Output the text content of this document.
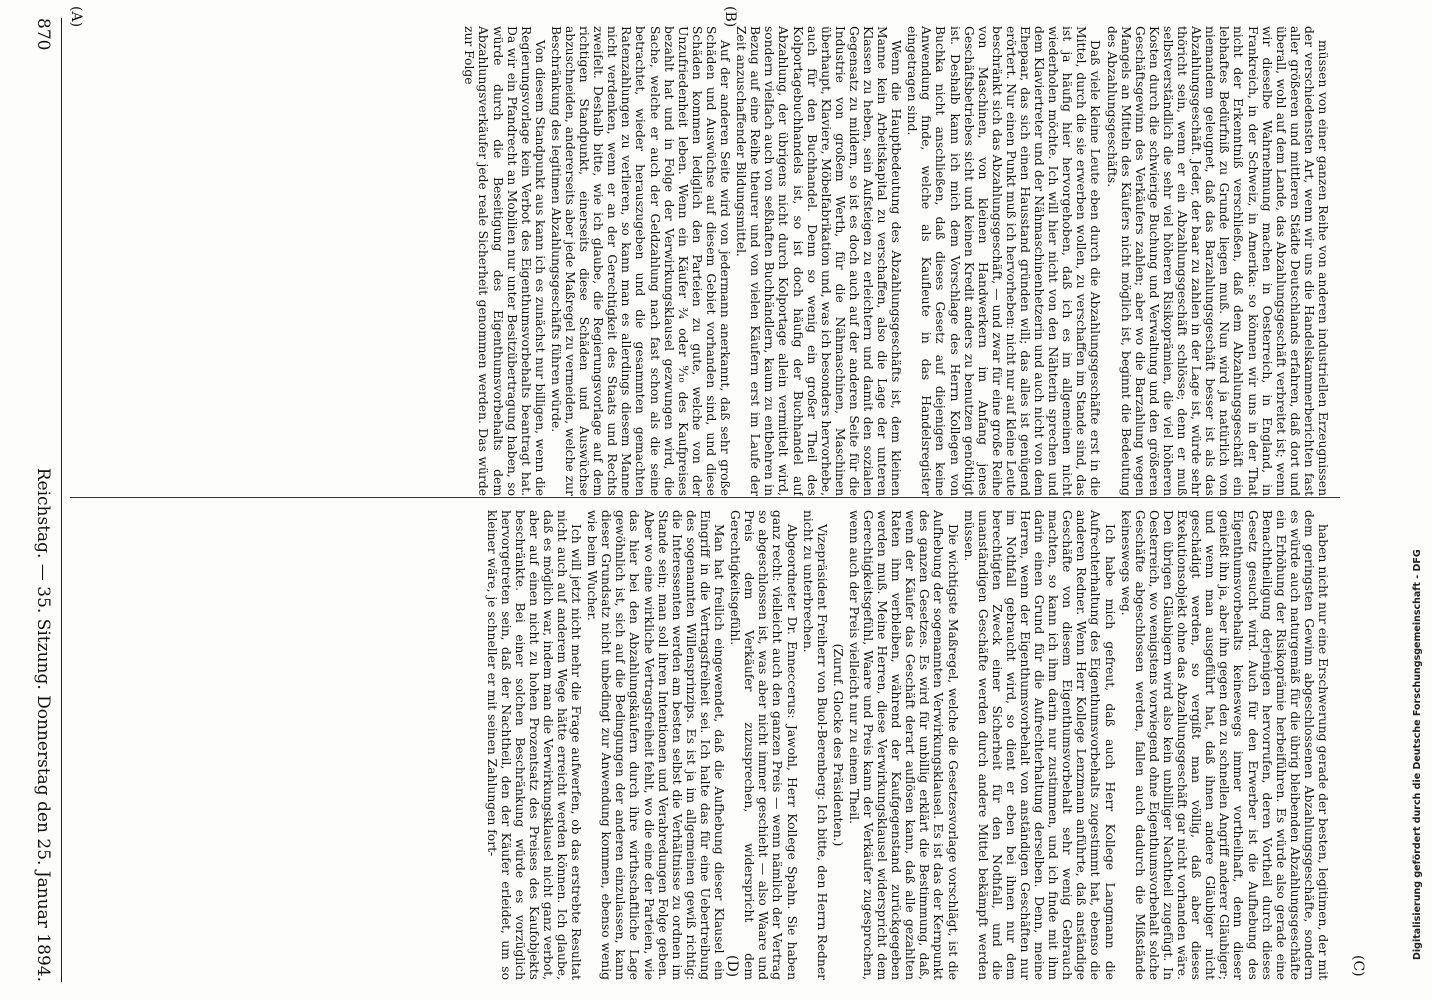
müssen von einer ganzen Reihe von anderen industriellen Erzeugnissen der verschiedensten Art, wenn wir uns die Handelskammerberichten fast aller größeren und mittleren Städte Deutschlands erfahren, daß dort und überall, wohl auf dem Lande, das Abzahlungsgeschäft verbreitet ist; wenn wir dieselbe Wahrnehmung machen in Oesterreich, in England, in Frankreich, in der Schweiz, in Amerika: so können wir uns in der That nicht der Erkenntniß verschließen, daß dem Abzahlungsgeschäft ein lebhaftes Bedürfniß zu Grunde liegen muß. Nun wird ja natürlich von niemandem geleugnet, daß das Barzahlungsgeschäft besser ist als das Abzahlungsgeschäft. Jeder, der baar zu zahlen in der Lage ist, würde sehr thöricht sein, wenn er ein Abzahlungsgeschäft schlösse; denn er muß selbstverständlich die sehr viel höheren Risikoprämien, die viel höheren Kosten durch die schwierige Buchung und Verwaltung und den größeren Geschäftsgewinn des Verkäufers zahlen; aber wo die Barzahlung wegen Mangels an Mitteln des Käufers nicht möglich ist, beginnt die Bedeutung des Abzahlungsgeschäfts.

Daß viele kleine Leute eben durch die Abzahlungsgeschäfte erst in die Mittel, durch die sie erwerben wollen, zu verschaffen im Stande sind, das ist ja häufig hier hervorgehoben, daß ich es im allgemeinen nicht wiederholen möchte. Ich will hier nicht von den Nähterin sprechen und dem Klaviertreter und der Nähmaschinenhetzerin und auch nicht von dem Ehepaar, das sich einen Hausstand gründen will; das alles ist genügend erörtert. Nur einen Punkt muß ich hervorheben: nicht nur auf kleine Leute beschränkt sich das Abzahlungsgeschäft, — und zwar für eine große Reihe von Maschinen, von kleinen Handwerkern im Anfang jenes Geschäftsbetriebes sicht und keinen Kredit anders zu benutzen genöthigt ist. Deshalb kann ich mich dem Vorschlage des Herrn Kollegen von Buchka nicht anschließen, daß dieses Gesetz auf diejenigen keine Anwendung finde, welche als Kaufleute in das Handelsregister eingetragen sind.

Wenn die Hauptbedeutung des Abzahlungsgeschäfts ist, dem kleinen Manne kein Arbeitskapital zu verschaffen, also die Lage der unteren Klassen zu heben, sein Aufsteigen zu erleichtern und damit den sozialen Gegensatz zu mildern, so ist es doch auch auf der anderen Seite für die Industrie von großem Werth, für die Nähmaschinen, Maschinen überhaupt, Klaviere, Möbelfabrikation und, was ich besonders hervorhebe, auch für den Buchhandel. Denn so wenig ein großer Theil des Kolportagebuchhandels ist, so ist doch häufig der Buchhandel auf Abzahlung, der übrigens nicht durch Kolportage allein vermittelt wird, sondern vielfach auch von seßhaften Buchhändlern, kaum zu entbehren in Bezug auf eine Reihe theurer und von vielen Käufern erst im Laufe der Zeit anzuschaffender Bildungsmittel.

Auf der anderen Seite wird von jedermann anerkannt, daß sehr große Schäden und Auswüchse auf diesem Gebiet vorhanden sind, und diese Schäden kommen lediglich den Parteien zu gute, welche von der Unzufriedenheit leben. Wenn ein Käufer ¾ oder ⁹⁄₁₀ des Kaufpreises bezahlt hat und in Folge der Verwirkungsklausel gezwungen wird, die Sache, welche er auch der Geldzahlung nach fast schon als die seine betrachtet, wieder herauszugeben und die gesammten gemachten Ratenzahlungen zu verlieren, so kann man es allerdings diesem Manne nicht verdenken, wenn er an der Gerechtigkeit des Staats und Rechts zweifelt. Deshalb bitte, wie ich glaube, die Regierungsvorlage auf dem richtigen Standpunkt, einerseits diese Schäden und Auswüchse abzuschneiden, andererseits aber jede Maßregel zu vermeiden, welche zur Beschränkung des legitimen Abzahlungsgeschäfts führen würde.

Von diesem Standpunkt aus kann ich es zunächst nur billigen, wenn die Regierungsvorlage kein Verbot des Eigenthumsvorbehalts beantragt hat. Da wir ein Pfandrecht an Mobilien nur unter Besitzübertragung haben, so würde durch die Beseitigung des Eigenthumsvorbehalts dem Abzahlungsverkäufer jede reale Sicherheit genommen werden. Das würde zur Folge

haben nicht nur eine Erschwerung gerade der besten, legitimen, der mit dem geringsten Gewinn abgeschlossenen Abzahlungsgeschäfte, sondern es würde auch naturgemäß für die übrig bleibenden Abzahlungsgeschäfte ein Erhöhung der Risikoprämie herbeiführen. Es würde also gerade eine Benachtheiligung derjenigen hervorrufen, deren Vortheil durch dieses Gesetz gesucht wird. Auch für den Erwerber ist die Aufhebung des Eigenthumsvorbehalts keineswegs immer vortheilhaft, denn dieser genießt ihn ja, aber ihn gegen den zu schnellen Angriff anderer Gläubiger; und wenn man ausgeführt hat, daß ihnen andere Gläubiger nicht geschädigt werden, so vergißt man völlig, daß aber dieses Exekutionsobjekt ohne das Abzahlungsgeschäft gar nicht vorhanden wäre. Den übrigen Gläubigern wird also kein unbilliger Nachtheil zugefügt. In Oesterreich, wo wenigstens vorwiegend ohne Eigenthumsvorbehalt solche Geschäfte abgeschlossen werden, fallen auch dadurch die Mißstände keineswegs weg.

Ich habe mich gefreut, daß auch Herr Kollege Langmann die Aufrechterhaltung des Eigenthumsvorbehalts zugestimmt hat, ebenso die anderen Redner. Wenn Herr Kollege Lenzmann anführte, daß anständige Geschäfte von diesem Eigenthumsvorbehalt sehr wenig Gebrauch machten, so kann ich ihm darin nur zustimmen, und ich finde mit ihm darin einen Grund für die Aufrechterhaltung derselben. Denn, meine Herren, wenn der Eigenthumsvorbehalt von anständigen Geschäften nur im Nothfall gebraucht wird, so dient er eben bei ihnen nur dem berechtigten Zweck einer Sicherheit für den Nothfall, und die unanständigen Geschäfte werden durch andere Mittel bekämpft werden müssen.

Die wichtigste Maßregel, welche die Gesetzesvorlage vorschlägt, ist die Aufhebung der sogenannten Verwirkungsklausel. Es ist das der Kernpunkt des ganzen Gesetzes. Es wird für unbillig erklärt die Bestimmung, daß, wenn der Käufer das Geschäft derart auflösen kann, daß alle gezahlten Raten ihm verbleiben, während der Kaufgegenstand zurückgegeben werden muß. Meine Herren, diese Verwirkungsklausel widerspricht dem Gerechtigkeitsgefühl, Waare und Preis kann der Verkäufer zugesprochen, wenn auch der Preis vielleicht nur zu einem Theil.

(Zuruf. Glocke des Präsidenten.)

Vizepräsident Freiherr von Buol-Berenberg: Ich bitte, den Herrn Redner nicht zu unterbrechen.

Abgeordneter Dr. Enneccerus: Jawohl, Herr Kollege Spahn. Sie haben ganz recht: vielleicht auch den ganzen Preis — wenn nämlich der Vertrag so abgeschlossen ist, was aber nicht immer geschieht — also Waare und Preis dem Verkäufer zuzusprechen, widerspricht dem Gerechtigkeitsgefühl.

Man hat freilich eingewendet, daß die Aufhebung dieser Klausel ein Eingriff in die Vertragsfreiheit sei. Ich halte das für eine Uebertreibung des sogenannten Willensprinzips. Es ist ja im allgemeinen gewiß richtig: die Interessenten werden am besten selbst die Verhältnisse zu ordnen im Stande sein; man soll ihren Intentionen und Verabredungen Folge geben. Aber wo eine wirkliche Vertragsfreiheit fehlt, wo die eine der Parteien, wie das hier bei den Abzahlungskäufern durch ihre wirthschaftliche Lage gewöhnlich ist, sich auf die Bedingungen der anderen einzulassen, kann dieser Grundsatz nicht unbedingt zur Anwendung kommen, ebenso wenig wie beim Wucher.

Ich will jetzt nicht mehr die Frage aufwerfen, ob das erstrebte Resultat nicht auch auf anderem Wege hätte erreicht werden können. Ich glaube, daß es möglich war, indem man die Verwirkungsklausel nicht ganz verbot, aber auf einen nicht zu hohen Prozentsatz des Preises des Kaufobjekts beschränkte. Bei einer solchen Beschränkung würde es vorzüglich hervorgetreten sein, daß der Nachtheil, den der Käufer erleidet, um so kleiner wäre, je schneller er mit seinen Zahlungen fort-

(A)	(B)
(C)
(D)
870
Reichstag. — 35. Sitzung. Donnerstag den 25. Januar 1894.	Digitalisierung gefördert durch die Deutsche Forschungsgemeinschaft - DFG
